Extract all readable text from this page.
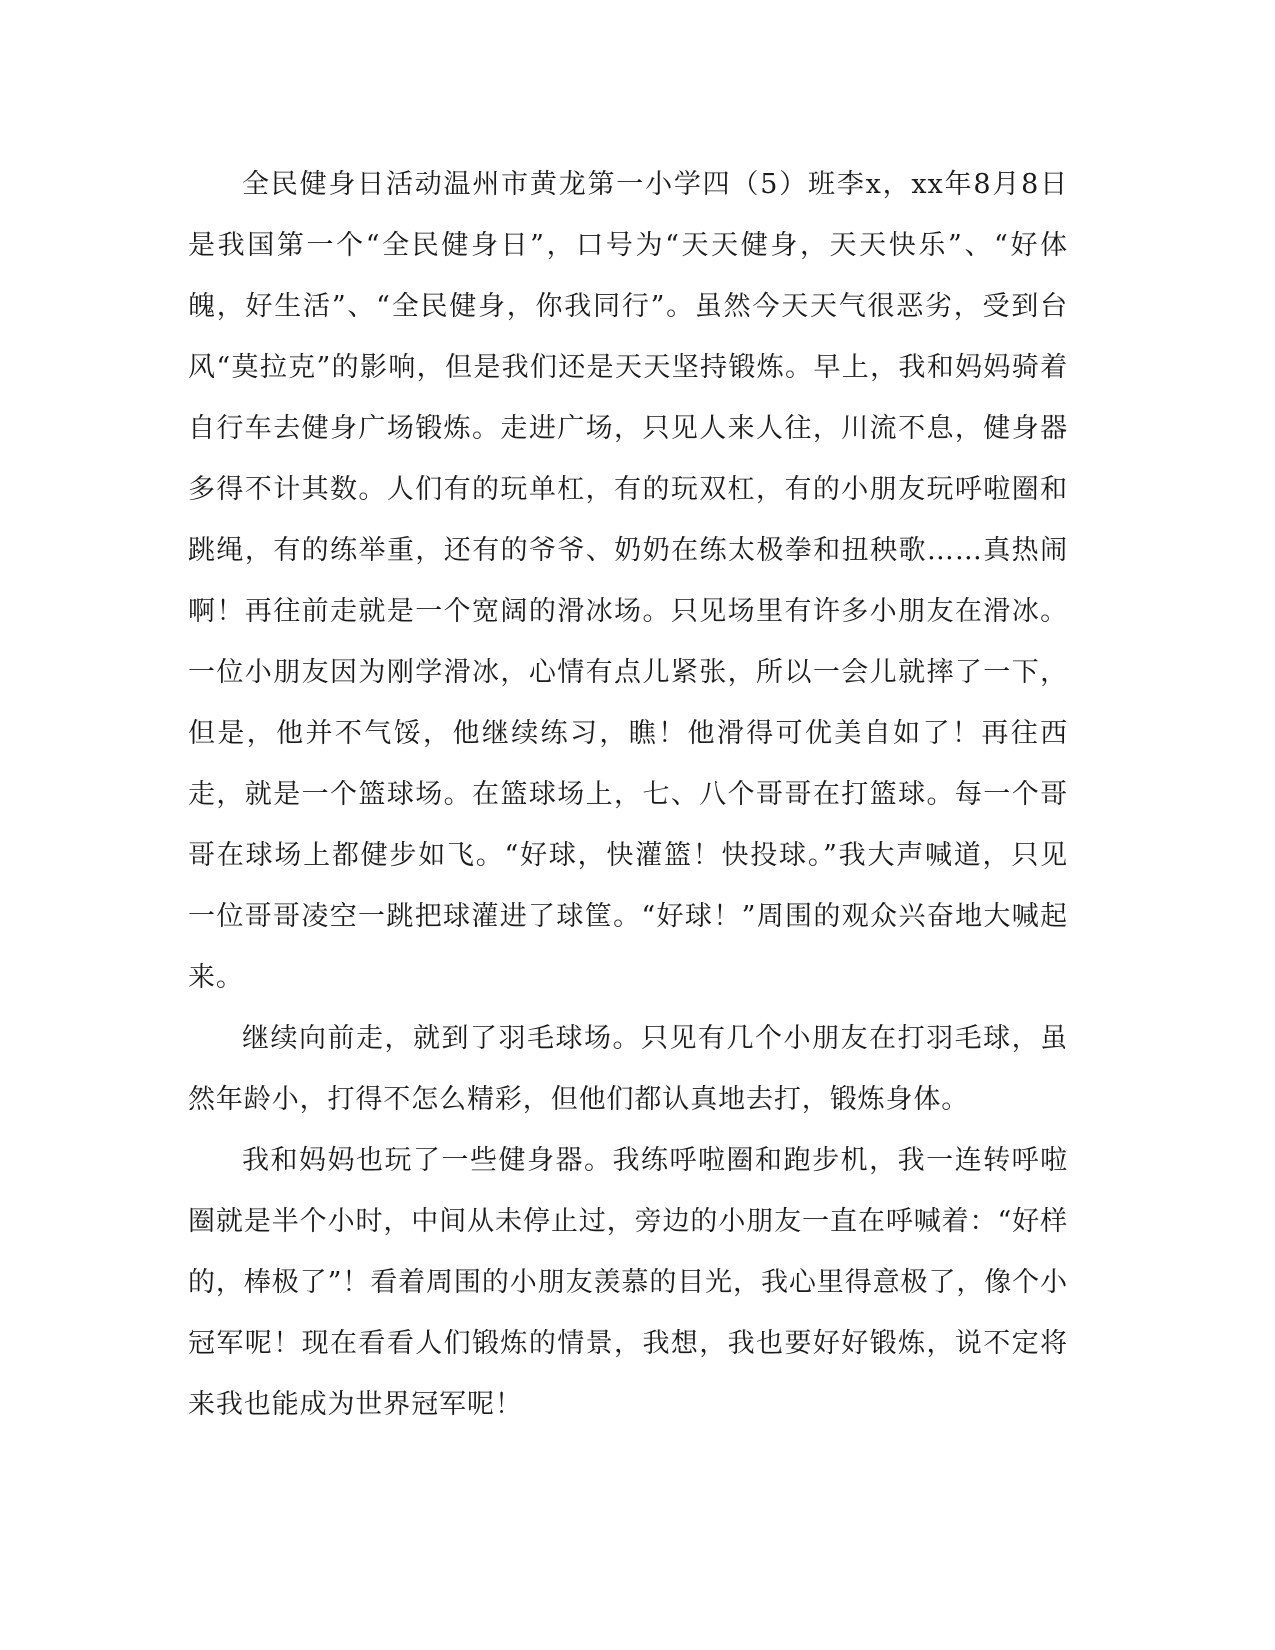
全民健身日活动温州市黄龙第一小学四（5）班李x，xx年8月8日是我国第一个“全民健身日”，口号为“天天健身，天天快乐”、“好体魄，好生活”、“全民健身，你我同行”。虽然今天天气很恶劣，受到台风“莫拉克”的影响，但是我们还是天天坚持锻炼。早上，我和妈妈骑着自行车去健身广场锻炼。走进广场，只见人来人往，川流不息，健身器多得不计其数。人们有的玩单杠，有的玩双杠，有的小朋友玩呼啦圈和跳绳，有的练举重，还有的爷爷、奶奶在练太极拳和扭秧歌……真热闹啊！再往前走就是一个宽阔的滑冰场。只见场里有许多小朋友在滑冰。一位小朋友因为刚学滑冰，心情有点儿紧张，所以一会儿就摔了一下，但是，他并不气馁，他继续练习，瞧！他滑得可优美自如了！再往西走，就是一个篮球场。在篮球场上，七、八个哥哥在打篮球。每一个哥哥在球场上都健步如飞。“好球，快灌篮！快投球。”我大声喊道，只见一位哥哥凌空一跳把球灌进了球筐。“好球！”周围的观众兴奋地大喊起来。

继续向前走，就到了羽毛球场。只见有几个小朋友在打羽毛球，虽然年龄小，打得不怎么精彩，但他们都认真地去打，锻炼身体。

我和妈妈也玩了一些健身器。我练呼啦圈和跑步机，我一连转呼啦圈就是半个小时，中间从未停止过，旁边的小朋友一直在呼喊着：“好样的，棒极了”！看着周围的小朋友羡慕的目光，我心里得意极了，像个小冠军呢！现在看看人们锻炼的情景，我想，我也要好好锻炼，说不定将来我也能成为世界冠军呢！
